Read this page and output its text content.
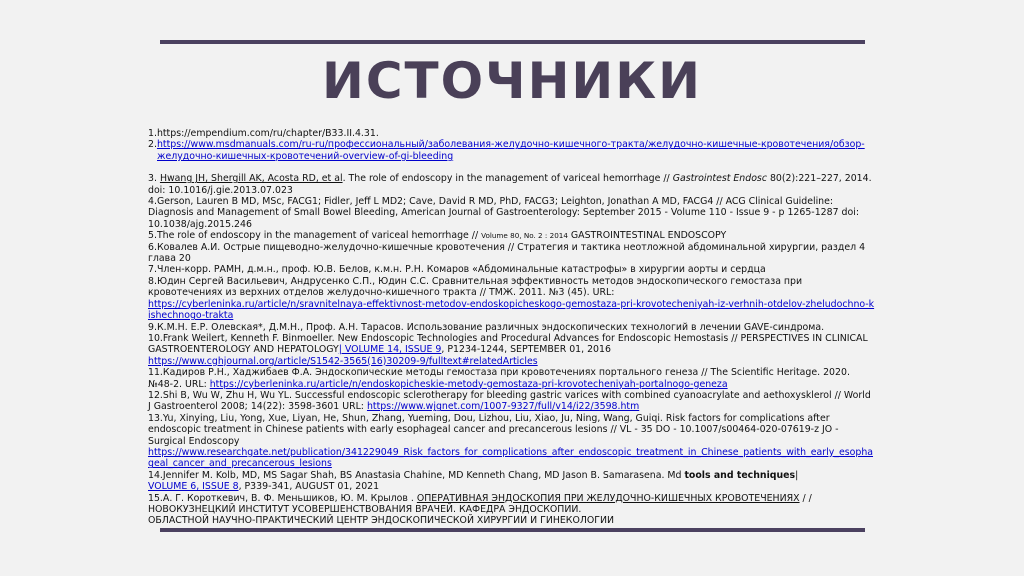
ИСТОЧНИКИ

1.https://empendium.com/ru/chapter/B33.II.4.31.

2.https://www.msdmanuals.com/ru-ru/профессиональный/заболевания-желудочно-кишечного-тракта/желудочно-кишечные-кровотечения/обзор-желудочно-кишечных-кровотечений-overview-of-gi-bleeding

3. Hwang JH, Shergill AK, Acosta RD, et al. The role of endoscopy in the management of variceal hemorrhage // Gastrointest Endosc 80(2):221–227, 2014. doi: 10.1016/j.gie.2013.07.023

4.Gerson, Lauren B MD, MSc, FACG1; Fidler, Jeff L MD2; Cave, David R MD, PhD, FACG3; Leighton, Jonathan A MD, FACG4 // ACG Clinical Guideline: Diagnosis and Management of Small Bowel Bleeding, American Journal of Gastroenterology: September 2015 - Volume 110 - Issue 9 - p 1265-1287 doi: 10.1038/ajg.2015.246

5.The role of endoscopy in the management of variceal hemorrhage // Volume 80, No. 2 : 2014 GASTROINTESTINAL ENDOSCOPY

6.Ковалев А.И. Острые пищеводно-желудочно-кишечные кровотечения // Стратегия и тактика неотложной абдоминальной хирургии, раздел 4 глава 20

7.Член-корр. РАМН, д.м.н., проф. Ю.В. Белов, к.м.н. Р.Н. Комаров «Абдоминальные катастрофы» в хирургии аорты и сердца

8.Юдин Сергей Васильевич, Андрусенко С.П., Юдин С.С. Сравнительная эффективность методов эндоскопического гемостаза при кровотечениях из верхних отделов желудочно-кишечного тракта // ТМЖ. 2011. №3 (45). URL:
https://cyberleninka.ru/article/n/sravnitelnaya-effektivnost-metodov-endoskopicheskogo-gemostaza-pri-krovotecheniyah-iz-verhnih-otdelov-zheludochno-kishechnogo-trakta

9.К.М.Н. Е.Р. Олевская*, Д.М.Н., Проф. А.Н. Тарасов. Использование различных эндоскопических технологий в лечении GAVE-синдрома.

10.Frank Weilert, Kenneth F. Binmoeller. New Endoscopic Technologies and Procedural Advances for Endoscopic Hemostasis // PERSPECTIVES IN CLINICAL GASTROENTEROLOGY AND HEPATOLOGY| VOLUME 14, ISSUE 9, P1234-1244, SEPTEMBER 01, 2016
https://www.cghjournal.org/article/S1542-3565(16)30209-9/fulltext#relatedArticles

11.Кадиров Р.Н., Хаджибаев Ф.А. Эндоскопические методы гемостаза при кровотечениях портального генеза // The Scientific Heritage. 2020. №48-2. URL: https://cyberleninka.ru/article/n/endoskopicheskie-metody-gemostaza-pri-krovotecheniyah-portalnogo-geneza

12.Shi B, Wu W, Zhu H, Wu YL. Successful endoscopic sclerotherapy for bleeding gastric varices with combined cyanoacrylate and aethoxysklerol // World J Gastroenterol 2008; 14(22): 3598-3601 URL: https://www.wjgnet.com/1007-9327/full/v14/i22/3598.htm

13.Yu, Xinying, Liu, Yong, Xue, Liyan, He, Shun, Zhang, Yueming, Dou, Lizhou, Liu, Xiao, Ju, Ning, Wang, Guiqi. Risk factors for complications after endoscopic treatment in Chinese patients with early esophageal cancer and precancerous lesions // VL - 35 DO - 10.1007/s00464-020-07619-z JO - Surgical Endoscopy
https://www.researchgate.net/publication/341229049_Risk_factors_for_complications_after_endoscopic_treatment_in_Chinese_patients_with_early_esophageal_cancer_and_precancerous_lesions

14.Jennifer M. Kolb, MD, MS Sagar Shah, BS Anastasia Chahine, MD Kenneth Chang, MD Jason B. Samarasena. Md tools and techniques|
VOLUME 6, ISSUE 8, P339-341, AUGUST 01, 2021

15.А. Г. Короткевич, В. Ф. Меньшиков, Ю. М. Крылов . ОПЕРАТИВНАЯ ЭНДОСКОПИЯ ПРИ ЖЕЛУДОЧНО-КИШЕЧНЫХ КРОВОТЕЧЕНИЯХ / /
НОВОКУЗНЕЦКИЙ ИНСТИТУТ УСОВЕРШЕНСТВОВАНИЯ ВРАЧЕЙ. КАФЕДРА ЭНДОСКОПИИ.
ОБЛАСТНОЙ НАУЧНО-ПРАКТИЧЕСКИЙ ЦЕНТР ЭНДОСКОПИЧЕСКОЙ ХИРУРГИИ И ГИНЕКОЛОГИИ
